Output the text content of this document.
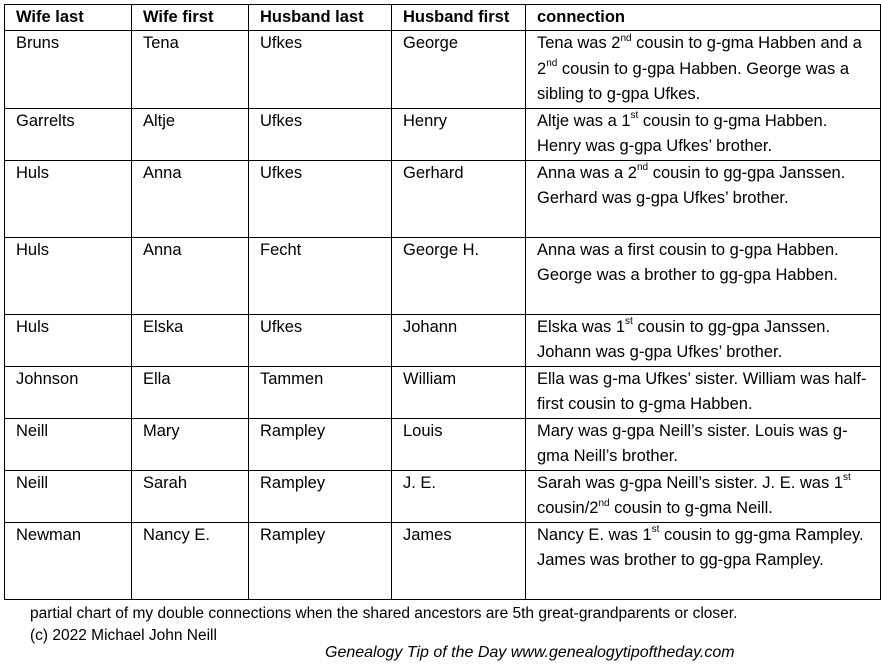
Wife last	Wife first	Husband last	Husband first	connection
Bruns	Tena	Ufkes	George	Tena was 2nd cousin to g-gma Habben and a 2nd cousin to g-gpa Habben. George was a sibling to g-gpa Ufkes.
Garrelts	Altje	Ufkes	Henry	Altje was a 1st cousin to g-gma Habben. Henry was g-gpa Ufkes’ brother.
Huls	Anna	Ufkes	Gerhard	Anna was a 2nd cousin to gg-gpa Janssen. Gerhard was g-gpa Ufkes’ brother.
Huls	Anna	Fecht	George H.	Anna was a first cousin to g-gpa Habben. George was a brother to gg-gpa Habben.
Huls	Elska	Ufkes	Johann	Elska was 1st cousin to gg-gpa Janssen. Johann was g-gpa Ufkes’ brother.
Johnson	Ella	Tammen	William	Ella was g-ma Ufkes’ sister. William was half-first cousin to g-gma Habben.
Neill	Mary	Rampley	Louis	Mary was g-gpa Neill’s sister. Louis was g-gma Neill’s brother.
Neill	Sarah	Rampley	J. E.	Sarah was g-gpa Neill’s sister. J. E. was 1st cousin/2nd cousin to g-gma Neill.
Newman	Nancy E.	Rampley	James	Nancy E. was 1st cousin to gg-gma Rampley. James was brother to gg-gpa Rampley.
partial chart of my double connections when the shared ancestors are 5th great-grandparents or closer.
(c) 2022 Michael John Neill
Genealogy Tip of the Day www.genealogytipoftheday.com
